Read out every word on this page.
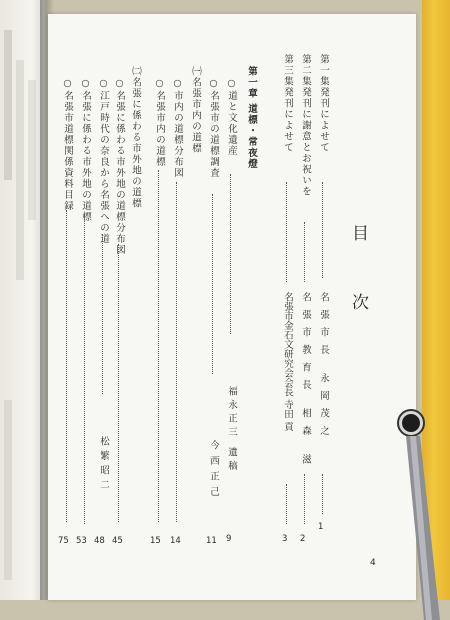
目次
第一集発刊によせて
名張市長 永岡茂之
1
第二集発刊に謝意とお祝いを
名張市教育長 相森 滋
2
第三集発刊によせて
名張市金石文研究会会長 寺田 貢
3
第一章 道標・常夜燈
○道と文化遺産
福永正三 遺稿
9
○名張市の道標調査
今西正己
11
㈠名張市内の道標
○市内の道標分布図
14
○名張市内の道標
15
㈡名張に係わる市外地の道標
○名張に係わる市外地の道標分布図
45
○江戸時代の奈良から名張への道
松繁昭二
48
○名張に係わる市外地の道標
53
○名張市道標関係資料目録
75
4
